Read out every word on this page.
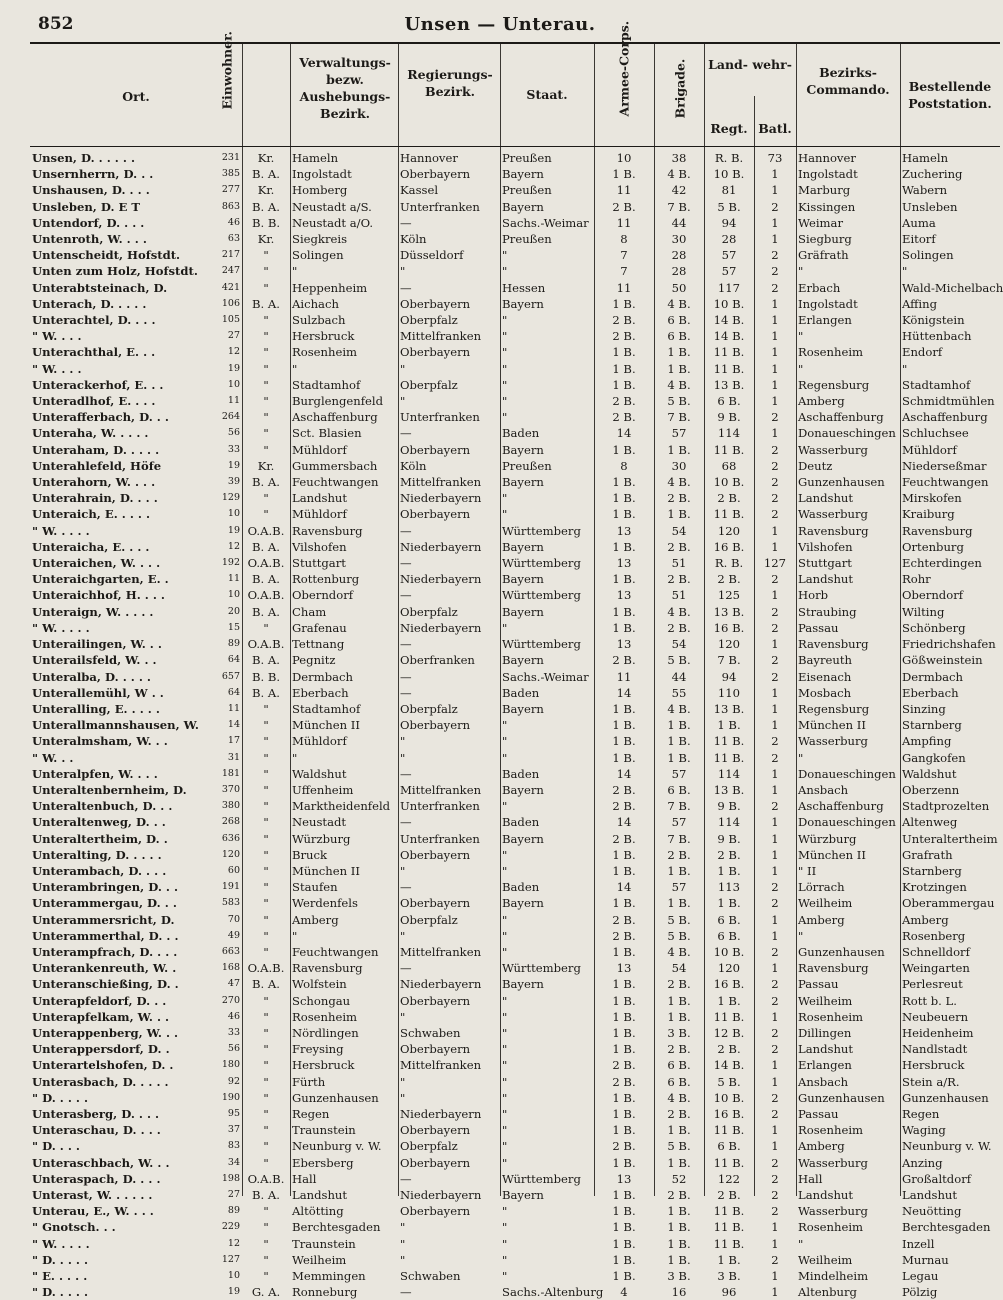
852	Unsen — Unterau.
Ort.	Einwohner.	Verwaltungs- bezw. Aushebungs- Bezirk.
Regierungs- Bezirk.	Staat.	Armee-Corps.	Brigade.	Land- wehr-
Regt. Batl.
Bezirks- Commando.	Bestellende Poststation.
Unsen, D. . . . . .	231	Kr.	Hameln	Hannover	Preußen	10	38	R. B.	73	Hannover	Hameln
Unsernherrn, D. . .	385	B. A.	Ingolstadt	Oberbayern	Bayern	1 B.	4 B.	10 B.	1	Ingolstadt	Zuchering
Unshausen, D. . . .	277	Kr.	Homberg	Kassel	Preußen	11	42	81	1	Marburg	Wabern
Unsleben, D. E T	863	B. A.	Neustadt a/S.	Unterfranken	Bayern	2 B.	7 B.	5 B.	2	Kissingen	Unsleben
Untendorf, D. . . .	46	B. B.	Neustadt a/O.	—	Sachs.-Weimar	11	44	94	1	Weimar	Auma
Untenroth, W. . . .	63	Kr.	Siegkreis	Köln	Preußen	8	30	28	1	Siegburg	Eitorf
Untenscheidt, Hofstdt.	217	"	Solingen	Düsseldorf	"	7	28	57	2	Gräfrath	Solingen
Unten zum Holz, Hofstdt.	247	"	"	"	"	7	28	57	2	"	"
Unterabtsteinach, D.	421	"	Heppenheim	—	Hessen	11	50	117	2	Erbach	Wald-Michelbach
Unterach, D. . . . .	106	B. A.	Aichach	Oberbayern	Bayern	1 B.	4 B.	10 B.	1	Ingolstadt	Affing
Unterachtel, D. . . .	105	"	Sulzbach	Oberpfalz	"	2 B.	6 B.	14 B.	1	Erlangen	Königstein
" W. . . .	27	"	Hersbruck	Mittelfranken	"	2 B.	6 B.	14 B.	1	"	Hüttenbach
Unterachthal, E. . .	12	"	Rosenheim	Oberbayern	"	1 B.	1 B.	11 B.	1	Rosenheim	Endorf
" W. . . .	19	"	"	"	"	1 B.	1 B.	11 B.	1	"	"
Unterackerhof, E. . .	10	"	Stadtamhof	Oberpfalz	"	1 B.	4 B.	13 B.	1	Regensburg	Stadtamhof
Unteradlhof, E. . . .	11	"	Burglengenfeld	"	"	2 B.	5 B.	6 B.	1	Amberg	Schmidtmühlen
Unterafferbach, D. . .	264	"	Aschaffenburg	Unterfranken	"	2 B.	7 B.	9 B.	2	Aschaffenburg	Aschaffenburg
Unteraha, W. . . . .	56	"	Sct. Blasien	—	Baden	14	57	114	1	Donaueschingen	Schluchsee
Unteraham, D. . . . .	33	"	Mühldorf	Oberbayern	Bayern	1 B.	1 B.	11 B.	2	Wasserburg	Mühldorf
Unterahlefeld, Höfe	19	Kr.	Gummersbach	Köln	Preußen	8	30	68	2	Deutz	Niederseßmar
Unterahorn, W. . . .	39	B. A.	Feuchtwangen	Mittelfranken	Bayern	1 B.	4 B.	10 B.	2	Gunzenhausen	Feuchtwangen
Unterahrain, D. . . .	129	"	Landshut	Niederbayern	"	1 B.	2 B.	2 B.	2	Landshut	Mirskofen
Unteraich, E. . . . .	10	"	Mühldorf	Oberbayern	"	1 B.	1 B.	11 B.	2	Wasserburg	Kraiburg
" W. . . . .	19	O.A.B.	Ravensburg	—	Württemberg	13	54	120	1	Ravensburg	Ravensburg
Unteraicha, E. . . .	12	B. A.	Vilshofen	Niederbayern	Bayern	1 B.	2 B.	16 B.	1	Vilshofen	Ortenburg
Unteraichen, W. . . .	192	O.A.B.	Stuttgart	—	Württemberg	13	51	R. B.	127	Stuttgart	Echterdingen
Unteraichgarten, E. .	11	B. A.	Rottenburg	Niederbayern	Bayern	1 B.	2 B.	2 B.	2	Landshut	Rohr
Unteraichhof, H. . . .	10	O.A.B.	Oberndorf	—	Württemberg	13	51	125	1	Horb	Oberndorf
Unteraign, W. . . . .	20	B. A.	Cham	Oberpfalz	Bayern	1 B.	4 B.	13 B.	2	Straubing	Wilting
" W. . . . .	15	"	Grafenau	Niederbayern	"	1 B.	2 B.	16 B.	2	Passau	Schönberg
Unterailingen, W. . .	89	O.A.B.	Tettnang	—	Württemberg	13	54	120	1	Ravensburg	Friedrichshafen
Unterailsfeld, W. . .	64	B. A.	Pegnitz	Oberfranken	Bayern	2 B.	5 B.	7 B.	2	Bayreuth	Gößweinstein
Unteralba, D. . . . .	657	B. B.	Dermbach	—	Sachs.-Weimar	11	44	94	2	Eisenach	Dermbach
Unterallemühl, W . .	64	B. A.	Eberbach	—	Baden	14	55	110	1	Mosbach	Eberbach
Unteralling, E. . . . .	11	"	Stadtamhof	Oberpfalz	Bayern	1 B.	4 B.	13 B.	1	Regensburg	Sinzing
Unterallmannshausen, W.	14	"	München II	Oberbayern	"	1 B.	1 B.	1 B.	1	München II	Starnberg
Unteralmsham, W. . .	17	"	Mühldorf	"	"	1 B.	1 B.	11 B.	2	Wasserburg	Ampfing
" W. . .	31	"	"	"	"	1 B.	1 B.	11 B.	2	"	Gangkofen
Unteralpfen, W. . . .	181	"	Waldshut	—	Baden	14	57	114	1	Donaueschingen	Waldshut
Unteraltenbernheim, D.	370	"	Uffenheim	Mittelfranken	Bayern	2 B.	6 B.	13 B.	1	Ansbach	Oberzenn
Unteraltenbuch, D. . .	380	"	Marktheidenfeld	Unterfranken	"	2 B.	7 B.	9 B.	2	Aschaffenburg	Stadtprozelten
Unteraltenweg, D. . .	268	"	Neustadt	—	Baden	14	57	114	1	Donaueschingen	Altenweg
Unteraltertheim, D. .	636	"	Würzburg	Unterfranken	Bayern	2 B.	7 B.	9 B.	1	Würzburg	Unteraltertheim
Unteralting, D. . . . .	120	"	Bruck	Oberbayern	"	1 B.	2 B.	2 B.	1	München II	Grafrath
Unterambach, D. . . .	60	"	München II	"	"	1 B.	1 B.	1 B.	1	" II	Starnberg
Unterambringen, D. . .	191	"	Staufen	—	Baden	14	57	113	2	Lörrach	Krotzingen
Unterammergau, D. . .	583	"	Werdenfels	Oberbayern	Bayern	1 B.	1 B.	1 B.	2	Weilheim	Oberammergau
Unterammersricht, D.	70	"	Amberg	Oberpfalz	"	2 B.	5 B.	6 B.	1	Amberg	Amberg
Unterammerthal, D. . .	49	"	"	"	"	2 B.	5 B.	6 B.	1	"	Rosenberg
Unterampfrach, D. . . .	663	"	Feuchtwangen	Mittelfranken	"	1 B.	4 B.	10 B.	2	Gunzenhausen	Schnelldorf
Unterankenreuth, W. .	168	O.A.B.	Ravensburg	—	Württemberg	13	54	120	1	Ravensburg	Weingarten
Unteranschießing, D. .	47	B. A.	Wolfstein	Niederbayern	Bayern	1 B.	2 B.	16 B.	2	Passau	Perlesreut
Unterapfeldorf, D. . .	270	"	Schongau	Oberbayern	"	1 B.	1 B.	1 B.	2	Weilheim	Rott b. L.
Unterapfelkam, W. . .	46	"	Rosenheim	"	"	1 B.	1 B.	11 B.	1	Rosenheim	Neubeuern
Unterappenberg, W. . .	33	"	Nördlingen	Schwaben	"	1 B.	3 B.	12 B.	2	Dillingen	Heidenheim
Unterappersdorf, D. .	56	"	Freysing	Oberbayern	"	1 B.	2 B.	2 B.	2	Landshut	Nandlstadt
Unterartelshofen, D. .	180	"	Hersbruck	Mittelfranken	"	2 B.	6 B.	14 B.	1	Erlangen	Hersbruck
Unterasbach, D. . . . .	92	"	Fürth	"	"	2 B.	6 B.	5 B.	1	Ansbach	Stein a/R.
" D. . . . .	190	"	Gunzenhausen	"	"	1 B.	4 B.	10 B.	2	Gunzenhausen	Gunzenhausen
Unterasberg, D. . . .	95	"	Regen	Niederbayern	"	1 B.	2 B.	16 B.	2	Passau	Regen
Unteraschau, D. . . .	37	"	Traunstein	Oberbayern	"	1 B.	1 B.	11 B.	1	Rosenheim	Waging
" D. . . .	83	"	Neunburg v. W.	Oberpfalz	"	2 B.	5 B.	6 B.	1	Amberg	Neunburg v. W.
Unteraschbach, W. . .	34	"	Ebersberg	Oberbayern	"	1 B.	1 B.	11 B.	2	Wasserburg	Anzing
Unteraspach, D. . . .	198	O.A.B.	Hall	—	Württemberg	13	52	122	2	Hall	Großaltdorf
Unterast, W. . . . . .	27	B. A.	Landshut	Niederbayern	Bayern	1 B.	2 B.	2 B.	2	Landshut	Landshut
Unterau, E., W. . . .	89	"	Altötting	Oberbayern	"	1 B.	1 B.	11 B.	2	Wasserburg	Neuötting
" Gnotsch. . .	229	"	Berchtesgaden	"	"	1 B.	1 B.	11 B.	1	Rosenheim	Berchtesgaden
" W. . . . .	12	"	Traunstein	"	"	1 B.	1 B.	11 B.	1	"	Inzell
" D. . . . .	127	"	Weilheim	"	"	1 B.	1 B.	1 B.	2	Weilheim	Murnau
" E. . . . .	10	"	Memmingen	Schwaben	"	1 B.	3 B.	3 B.	1	Mindelheim	Legau
" D. . . . .	19	G. A.	Ronneburg	—	Sachs.-Altenburg	4	16	96	1	Altenburg	Pölzig
